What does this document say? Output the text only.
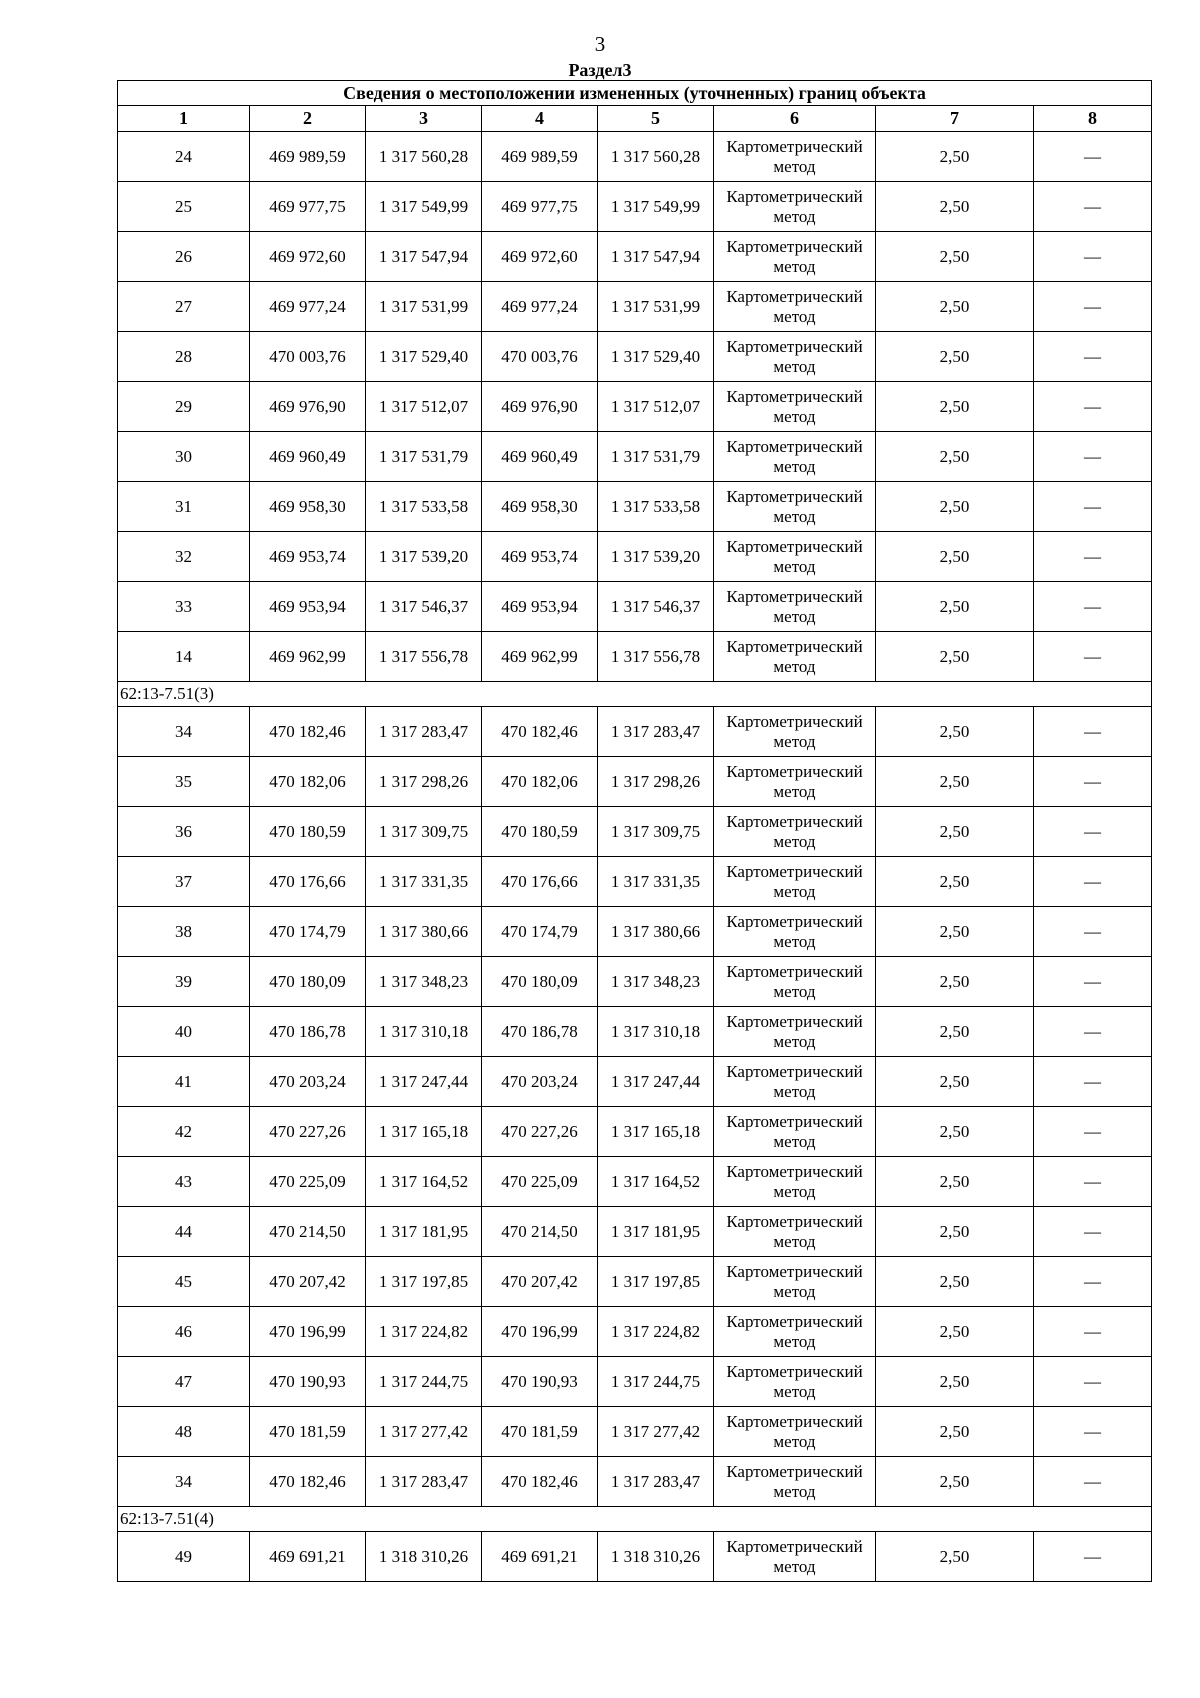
3
Раздел3
Сведения о местоположении измененных (уточненных) границ объекта							
1	2	3	4	5	6	7	8
24	469 989,59	1 317 560,28	469 989,59	1 317 560,28	Картометрический метод	2,50	—
25	469 977,75	1 317 549,99	469 977,75	1 317 549,99	Картометрический метод	2,50	—
26	469 972,60	1 317 547,94	469 972,60	1 317 547,94	Картометрический метод	2,50	—
27	469 977,24	1 317 531,99	469 977,24	1 317 531,99	Картометрический метод	2,50	—
28	470 003,76	1 317 529,40	470 003,76	1 317 529,40	Картометрический метод	2,50	—
29	469 976,90	1 317 512,07	469 976,90	1 317 512,07	Картометрический метод	2,50	—
30	469 960,49	1 317 531,79	469 960,49	1 317 531,79	Картометрический метод	2,50	—
31	469 958,30	1 317 533,58	469 958,30	1 317 533,58	Картометрический метод	2,50	—
32	469 953,74	1 317 539,20	469 953,74	1 317 539,20	Картометрический метод	2,50	—
33	469 953,94	1 317 546,37	469 953,94	1 317 546,37	Картометрический метод	2,50	—
14	469 962,99	1 317 556,78	469 962,99	1 317 556,78	Картометрический метод	2,50	—
62:13-7.51(3)							
34	470 182,46	1 317 283,47	470 182,46	1 317 283,47	Картометрический метод	2,50	—
35	470 182,06	1 317 298,26	470 182,06	1 317 298,26	Картометрический метод	2,50	—
36	470 180,59	1 317 309,75	470 180,59	1 317 309,75	Картометрический метод	2,50	—
37	470 176,66	1 317 331,35	470 176,66	1 317 331,35	Картометрический метод	2,50	—
38	470 174,79	1 317 380,66	470 174,79	1 317 380,66	Картометрический метод	2,50	—
39	470 180,09	1 317 348,23	470 180,09	1 317 348,23	Картометрический метод	2,50	—
40	470 186,78	1 317 310,18	470 186,78	1 317 310,18	Картометрический метод	2,50	—
41	470 203,24	1 317 247,44	470 203,24	1 317 247,44	Картометрический метод	2,50	—
42	470 227,26	1 317 165,18	470 227,26	1 317 165,18	Картометрический метод	2,50	—
43	470 225,09	1 317 164,52	470 225,09	1 317 164,52	Картометрический метод	2,50	—
44	470 214,50	1 317 181,95	470 214,50	1 317 181,95	Картометрический метод	2,50	—
45	470 207,42	1 317 197,85	470 207,42	1 317 197,85	Картометрический метод	2,50	—
46	470 196,99	1 317 224,82	470 196,99	1 317 224,82	Картометрический метод	2,50	—
47	470 190,93	1 317 244,75	470 190,93	1 317 244,75	Картометрический метод	2,50	—
48	470 181,59	1 317 277,42	470 181,59	1 317 277,42	Картометрический метод	2,50	—
34	470 182,46	1 317 283,47	470 182,46	1 317 283,47	Картометрический метод	2,50	—
62:13-7.51(4)							
49	469 691,21	1 318 310,26	469 691,21	1 318 310,26	Картометрический метод	2,50	—
